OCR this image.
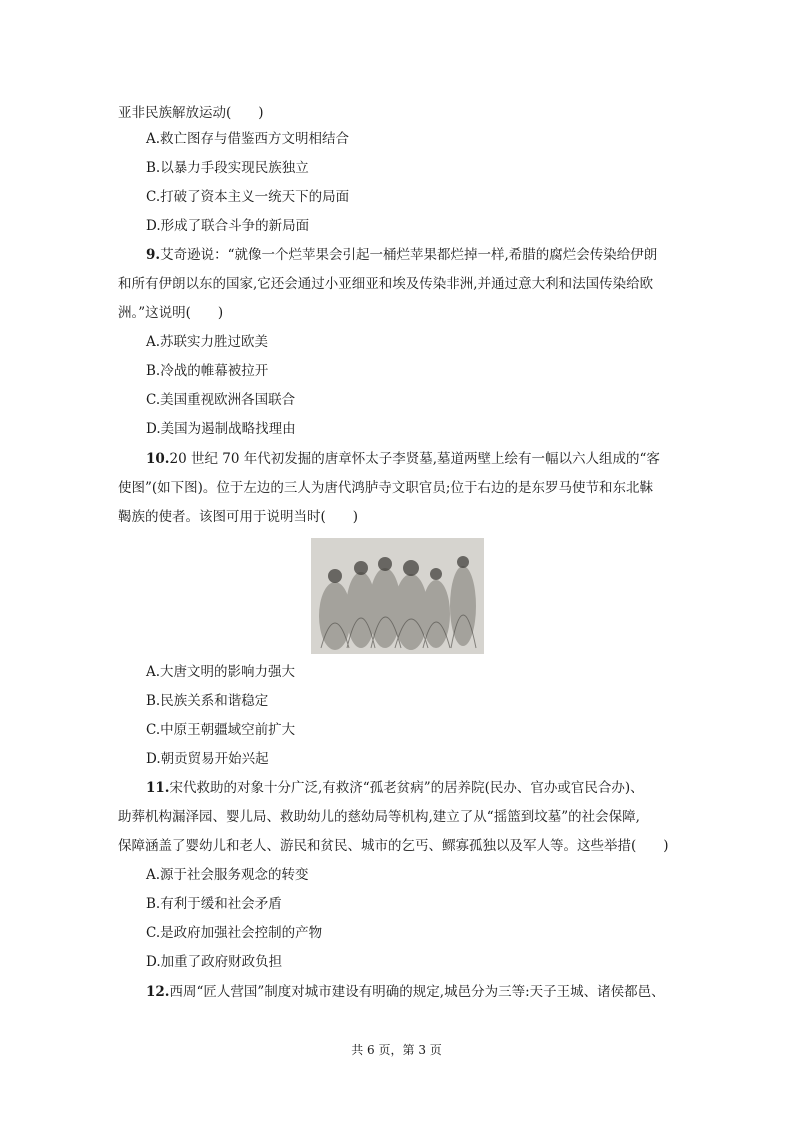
亚非民族解放运动(　　)
A.救亡图存与借鉴西方文明相结合
B.以暴力手段实现民族独立
C.打破了资本主义一统天下的局面
D.形成了联合斗争的新局面
9.艾奇逊说：“就像一个烂苹果会引起一桶烂苹果都烂掉一样,希腊的腐烂会传染给伊朗
和所有伊朗以东的国家,它还会通过小亚细亚和埃及传染非洲,并通过意大利和法国传染给欧
洲。”这说明(　　)
A.苏联实力胜过欧美
B.冷战的帷幕被拉开
C.美国重视欧洲各国联合
D.美国为遏制战略找理由
10.20 世纪 70 年代初发掘的唐章怀太子李贤墓,墓道两壁上绘有一幅以六人组成的“客
使图”(如下图)。位于左边的三人为唐代鸿胪寺文职官员;位于右边的是东罗马使节和东北靺
鞨族的使者。该图可用于说明当时(　　)
A.大唐文明的影响力强大
B.民族关系和谐稳定
C.中原王朝疆域空前扩大
D.朝贡贸易开始兴起
11.宋代救助的对象十分广泛,有救济“孤老贫病”的居养院(民办、官办或官民合办)、
助葬机构漏泽园、婴儿局、救助幼儿的慈幼局等机构,建立了从“摇篮到坟墓”的社会保障,
保障涵盖了婴幼儿和老人、游民和贫民、城市的乞丐、鳏寡孤独以及军人等。这些举措(　　)
A.源于社会服务观念的转变
B.有利于缓和社会矛盾
C.是政府加强社会控制的产物
D.加重了政府财政负担
12.西周“匠人营国”制度对城市建设有明确的规定,城邑分为三等:天子王城、诸侯都邑、
共 6 页，第 3 页
